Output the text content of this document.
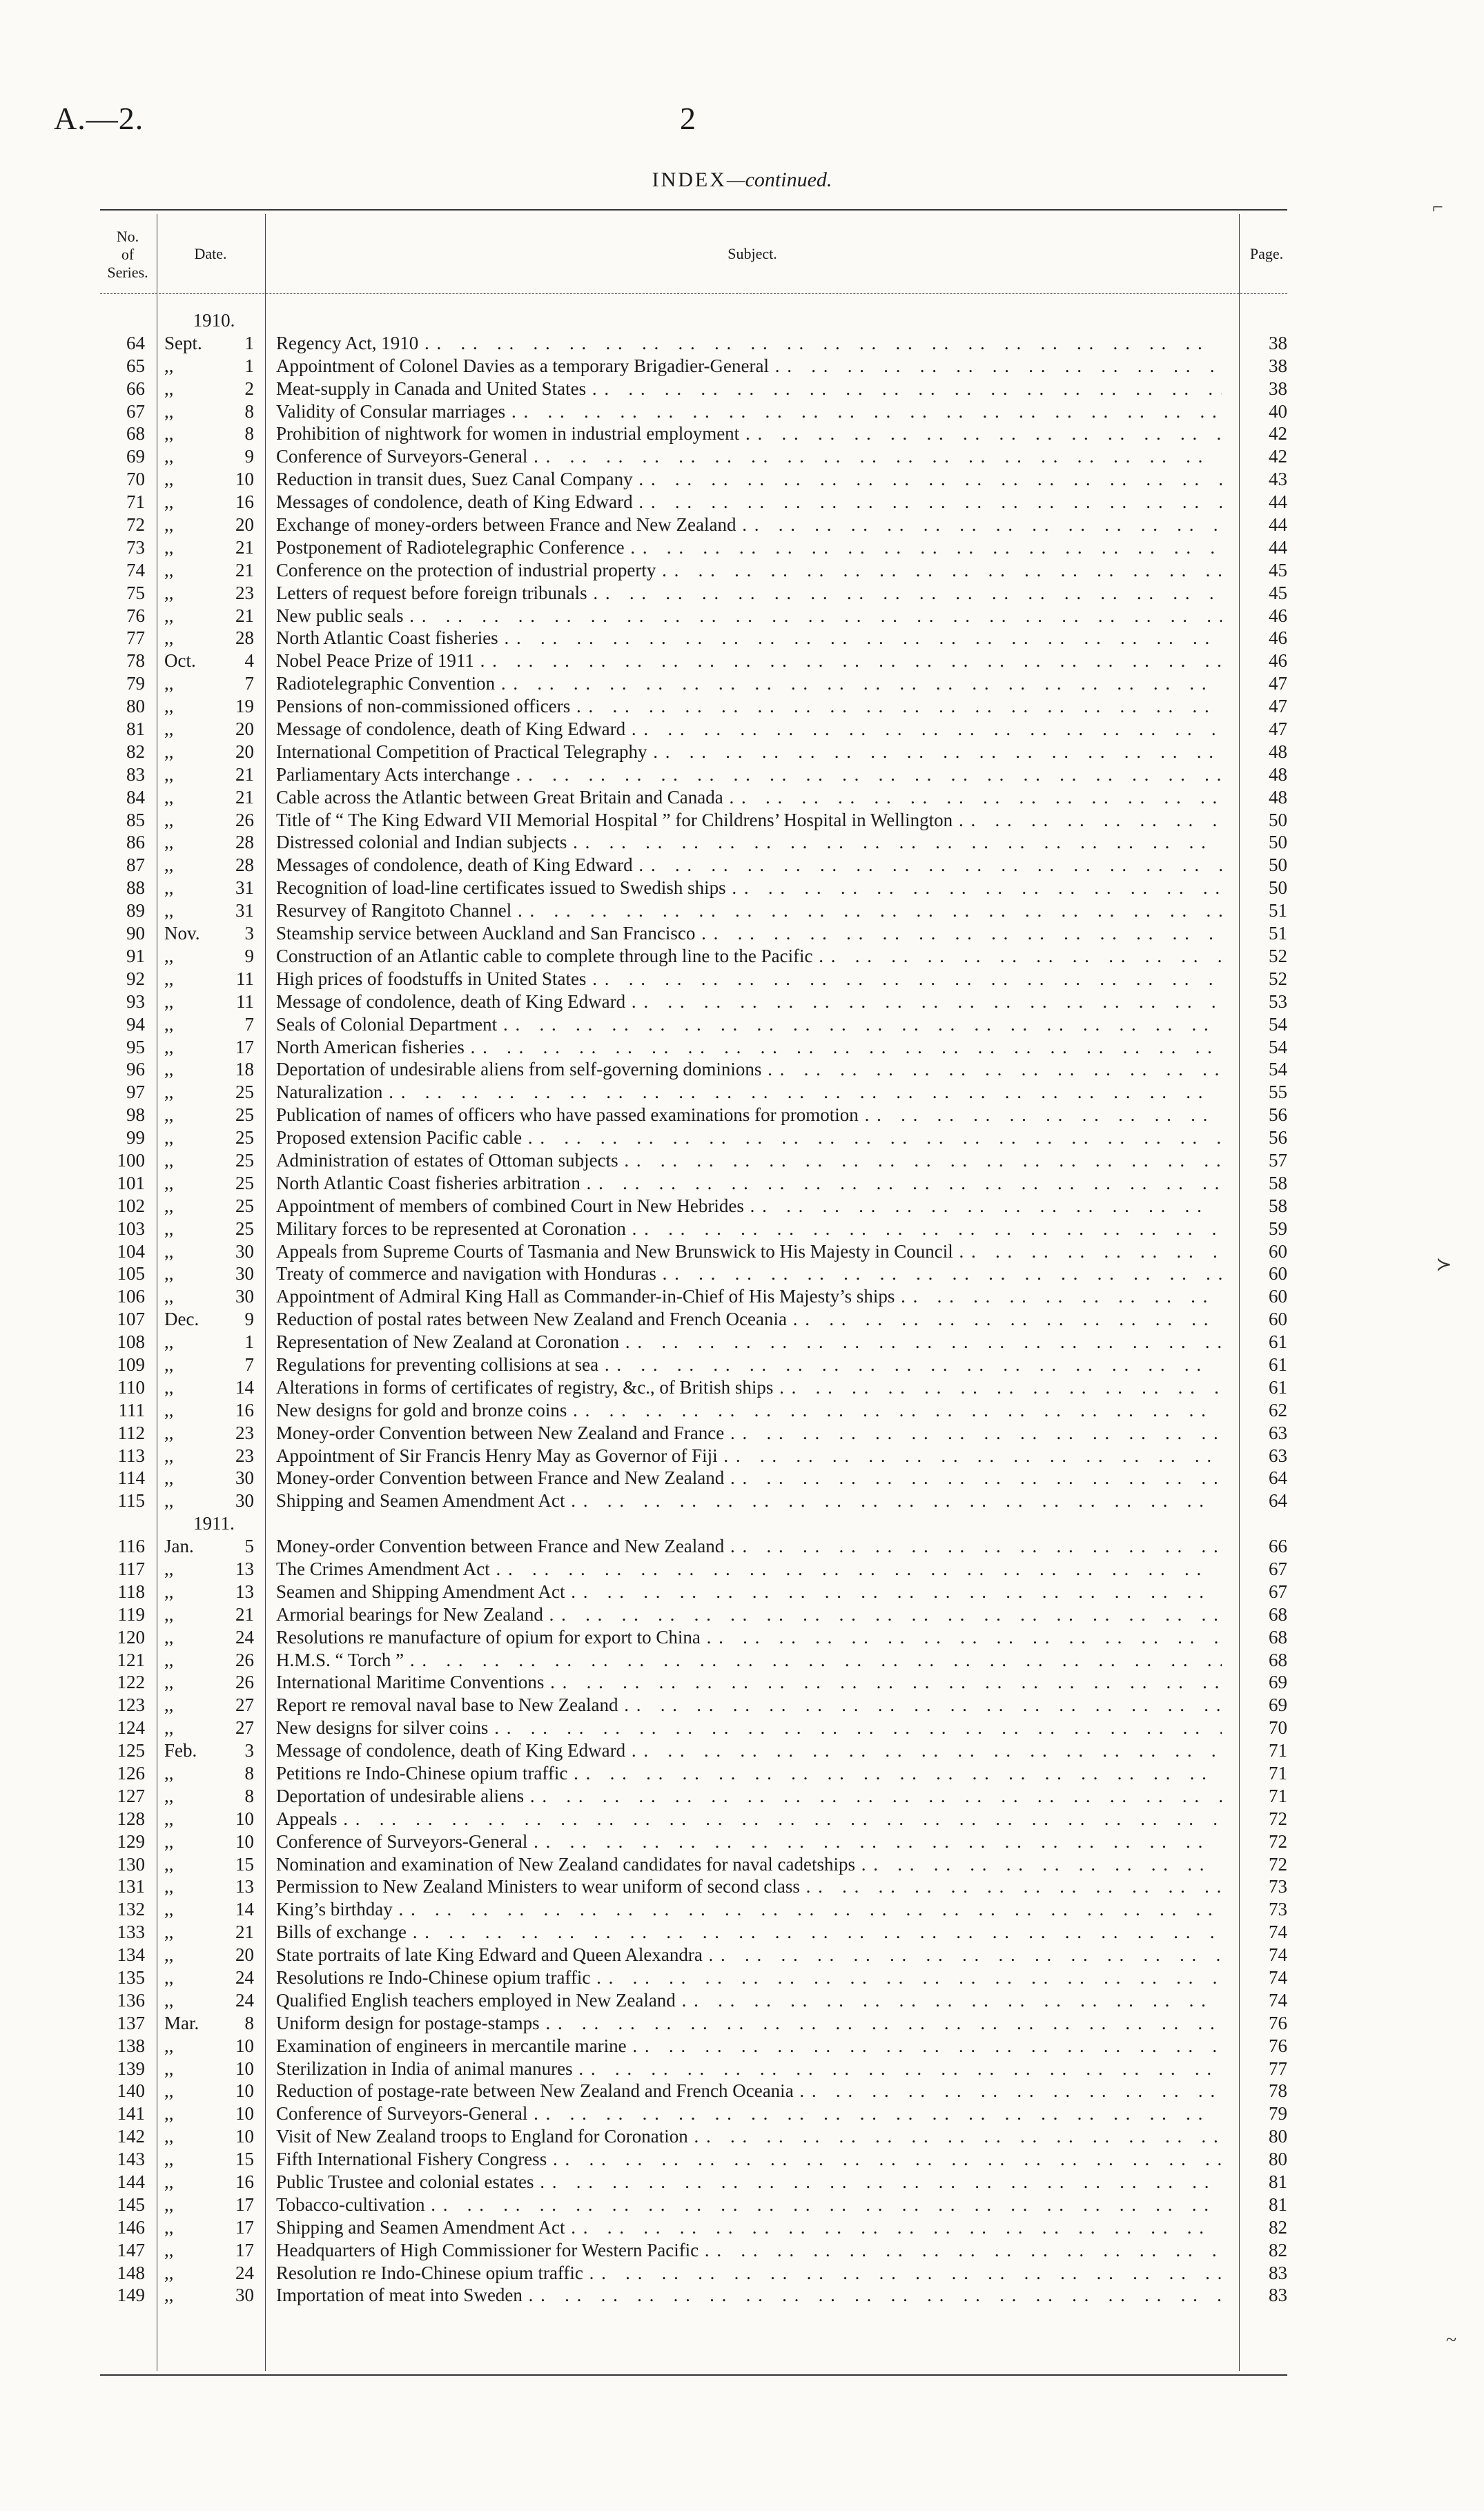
A.—2.	2
INDEX—continued.
No.
of
Series.
Date.	Subject.	Page.
1910.
64 Sept.	1 Regency Act, 1910 . .	38
65 ,,	1 Appointment of Colonel Davies as a temporary Brigadier-General . .	38
66 ,,	2 Meat-supply in Canada and United States . .	38
67 ,,	8 Validity of Consular marriages . .	40
68 ,,	8 Prohibition of nightwork for women in industrial employment . .	42
69 ,,	9 Conference of Surveyors-General . .	42
70 ,,	10 Reduction in transit dues, Suez Canal Company . .	43
71 ,,	16 Messages of condolence, death of King Edward . .	44
72 ,,	20 Exchange of money-orders between France and New Zealand . .	44
73 ,,	21 Postponement of Radiotelegraphic Conference . .	44
74 ,,	21 Conference on the protection of industrial property . .	45
75 ,,	23 Letters of request before foreign tribunals . .	45
76 ,,	21 New public seals . .	46
77 ,,	28 North Atlantic Coast fisheries . .	46
78 Oct.	4 Nobel Peace Prize of 1911 . .	46
79 ,,	7 Radiotelegraphic Convention . .	47
80 ,,	19 Pensions of non-commissioned officers . .	47
81 ,,	20 Message of condolence, death of King Edward . .	47
82 ,,	20 International Competition of Practical Telegraphy . .	48
83 ,,	21 Parliamentary Acts interchange . .	48
84 ,,	21 Cable across the Atlantic between Great Britain and Canada . .	48
85 ,,	26 Title of “ The King Edward VII Memorial Hospital ” for Childrens’ Hospital in Wellington . .	50
86 ,,	28 Distressed colonial and Indian subjects . .	50
87 ,,	28 Messages of condolence, death of King Edward . .	50
88 ,,	31 Recognition of load-line certificates issued to Swedish ships . .	50
89 ,,	31 Resurvey of Rangitoto Channel . .	51
90 Nov.	3 Steamship service between Auckland and San Francisco . .	51
91 ,,	9 Construction of an Atlantic cable to complete through line to the Pacific . .	52
92 ,,	11 High prices of foodstuffs in United States . .	52
93 ,,	11 Message of condolence, death of King Edward . .	53
94 ,,	7 Seals of Colonial Department . .	54
95 ,,	17 North American fisheries . .	54
96 ,,	18 Deportation of undesirable aliens from self-governing dominions . .	54
97 ,,	25 Naturalization . .	55
98 ,,	25 Publication of names of officers who have passed examinations for promotion . .	56
99 ,,	25 Proposed extension Pacific cable . .	56
100 ,,	25 Administration of estates of Ottoman subjects . .	57
101 ,,	25 North Atlantic Coast fisheries arbitration . .	58
102 ,,	25 Appointment of members of combined Court in New Hebrides . .	58
103 ,,	25 Military forces to be represented at Coronation . .	59
104 ,,	30 Appeals from Supreme Courts of Tasmania and New Brunswick to His Majesty in Council . .	60
105 ,,	30 Treaty of commerce and navigation with Honduras . .	60
106 ,,	30 Appointment of Admiral King Hall as Commander-in-Chief of His Majesty’s ships . .	60
107 Dec.	9 Reduction of postal rates between New Zealand and French Oceania . .	60
108 ,,	1 Representation of New Zealand at Coronation . .	61
109 ,,	7 Regulations for preventing collisions at sea . .	61
110 ,,	14 Alterations in forms of certificates of registry, &c., of British ships . .	61
111 ,,	16 New designs for gold and bronze coins . .	62
112 ,,	23 Money-order Convention between New Zealand and France . .	63
113 ,,	23 Appointment of Sir Francis Henry May as Governor of Fiji . .	63
114 ,,	30 Money-order Convention between France and New Zealand . .	64
115 ,,	30 Shipping and Seamen Amendment Act . .	64
1911.
116 Jan.	5 Money-order Convention between France and New Zealand . .	66
117 ,,	13 The Crimes Amendment Act . .	67
118 ,,	13 Seamen and Shipping Amendment Act . .	67
119 ,,	21 Armorial bearings for New Zealand . .	68
120 ,,	24 Resolutions re manufacture of opium for export to China . .	68
121 ,,	26 H.M.S. “ Torch ” . .	68
122 ,,	26 International Maritime Conventions . .	69
123 ,,	27 Report re removal naval base to New Zealand . .	69
124 ,,	27 New designs for silver coins . .	70
125 Feb.	3 Message of condolence, death of King Edward . .	71
126 ,,	8 Petitions re Indo-Chinese opium traffic . .	71
127 ,,	8 Deportation of undesirable aliens . .	71
128 ,,	10 Appeals . .	72
129 ,,	10 Conference of Surveyors-General . .	72
130 ,,	15 Nomination and examination of New Zealand candidates for naval cadetships . .	72
131 ,,	13 Permission to New Zealand Ministers to wear uniform of second class . .	73
132 ,,	14 King’s birthday . .	73
133 ,,	21 Bills of exchange . .	74
134 ,,	20 State portraits of late King Edward and Queen Alexandra . .	74
135 ,,	24 Resolutions re Indo-Chinese opium traffic . .	74
136 ,,	24 Qualified English teachers employed in New Zealand . .	74
137 Mar.	8 Uniform design for postage-stamps . .	76
138 ,,	10 Examination of engineers in mercantile marine . .	76
139 ,,	10 Sterilization in India of animal manures . .	77
140 ,,	10 Reduction of postage-rate between New Zealand and French Oceania . .	78
141 ,,	10 Conference of Surveyors-General . .	79
142 ,,	10 Visit of New Zealand troops to England for Coronation . .	80
143 ,,	15 Fifth International Fishery Congress . .	80
144 ,,	16 Public Trustee and colonial estates . .	81
145 ,,	17 Tobacco-cultivation . .	81
146 ,,	17 Shipping and Seamen Amendment Act . .	82
147 ,,	17 Headquarters of High Commissioner for Western Pacific . .	82
148 ,,	24 Resolution re Indo-Chinese opium traffic . .	83
149 ,,	30 Importation of meat into Sweden . .	83
⌐
≻
~
